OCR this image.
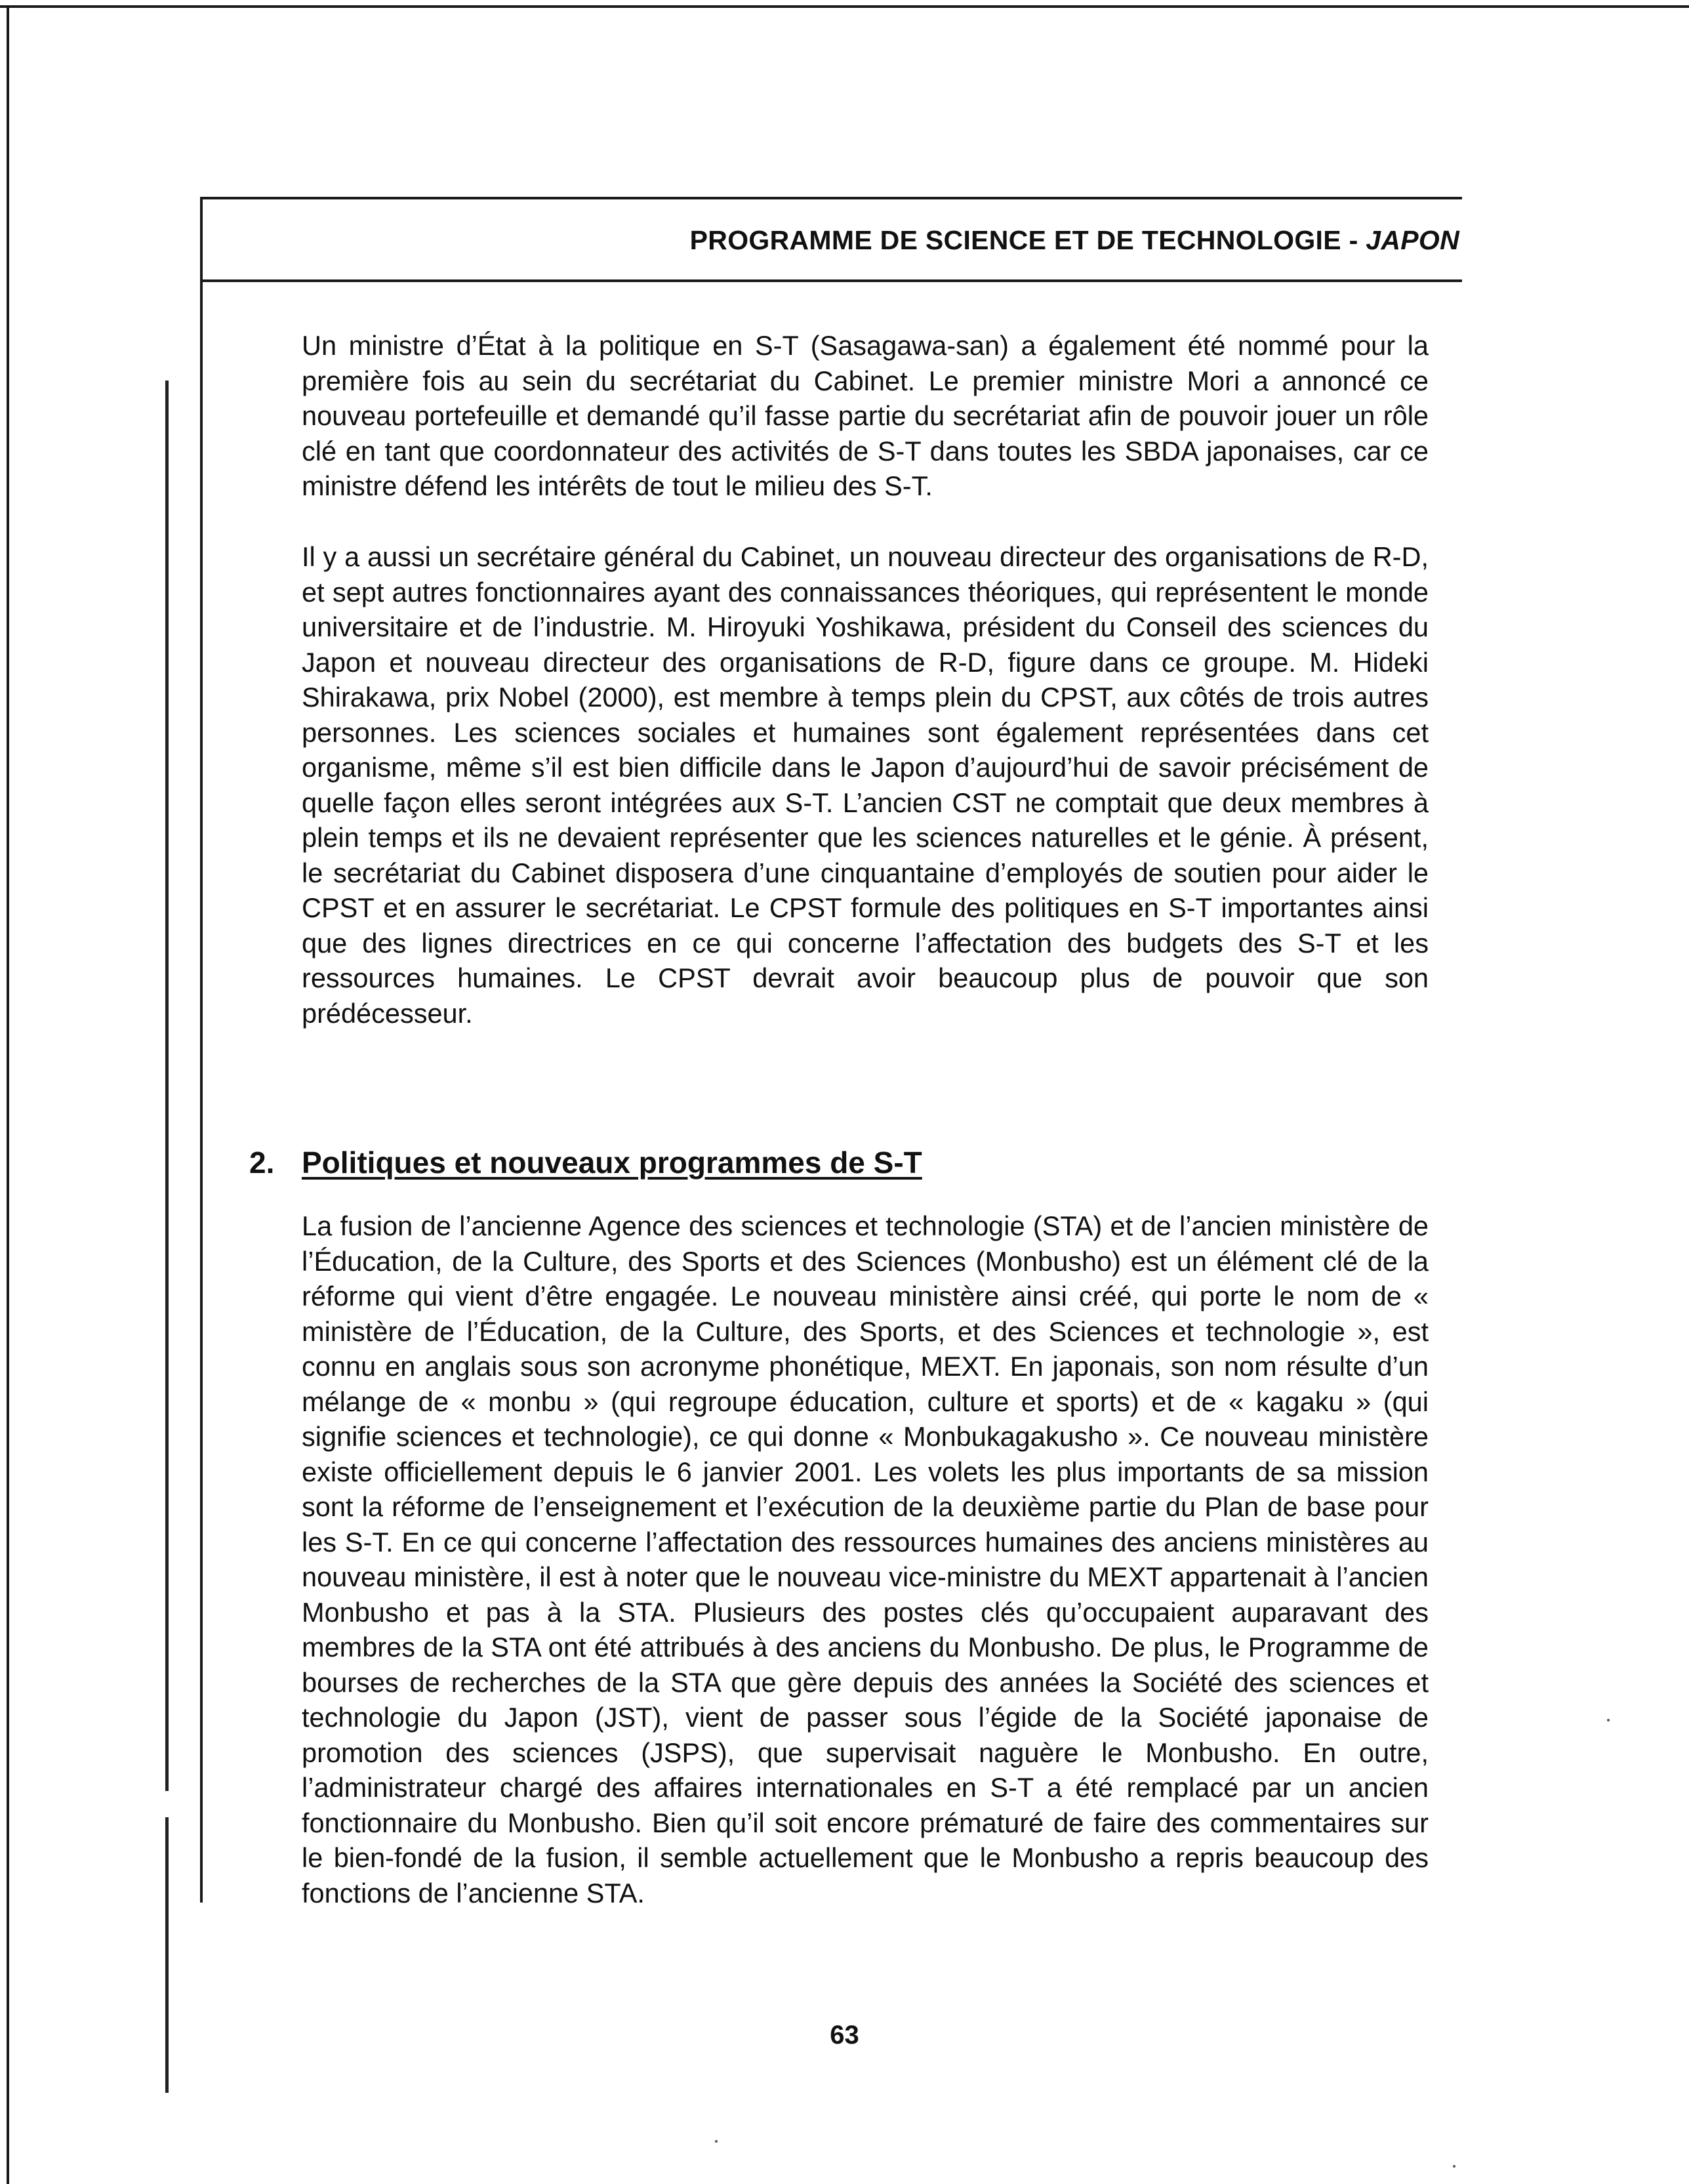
PROGRAMME DE SCIENCE ET DE TECHNOLOGIE - JAPON

Un ministre d’État à la politique en S-T (Sasagawa-san) a également été nommé pour la première fois au sein du secrétariat du Cabinet. Le premier ministre Mori a annoncé ce nouveau portefeuille et demandé qu’il fasse partie du secrétariat afin de pouvoir jouer un rôle clé en tant que coordonnateur des activités de S-T dans toutes les SBDA japonaises, car ce ministre défend les intérêts de tout le milieu des S-T.

Il y a aussi un secrétaire général du Cabinet, un nouveau directeur des organisations de R-D, et sept autres fonctionnaires ayant des connaissances théoriques, qui représentent le monde universitaire et de l’industrie. M. Hiroyuki Yoshikawa, président du Conseil des sciences du Japon et nouveau directeur des organisations de R-D, figure dans ce groupe. M. Hideki Shirakawa, prix Nobel (2000), est membre à temps plein du CPST, aux côtés de trois autres personnes. Les sciences sociales et humaines sont également représentées dans cet organisme, même s’il est bien difficile dans le Japon d’aujourd’hui de savoir précisément de quelle façon elles seront intégrées aux S-T. L’ancien CST ne comptait que deux membres à plein temps et ils ne devaient représenter que les sciences naturelles et le génie. À présent, le secrétariat du Cabinet disposera d’une cinquantaine d’employés de soutien pour aider le CPST et en assurer le secrétariat. Le CPST formule des politiques en S-T importantes ainsi que des lignes directrices en ce qui concerne l’affectation des budgets des S-T et les ressources humaines. Le CPST devrait avoir beaucoup plus de pouvoir que son prédécesseur.

2. Politiques et nouveaux programmes de S-T

La fusion de l’ancienne Agence des sciences et technologie (STA) et de l’ancien ministère de l’Éducation, de la Culture, des Sports et des Sciences (Monbusho) est un élément clé de la réforme qui vient d’être engagée. Le nouveau ministère ainsi créé, qui porte le nom de « ministère de l’Éducation, de la Culture, des Sports, et des Sciences et technologie », est connu en anglais sous son acronyme phonétique, MEXT. En japonais, son nom résulte d’un mélange de « monbu » (qui regroupe éducation, culture et sports) et de « kagaku » (qui signifie sciences et technologie), ce qui donne « Monbukagakusho ». Ce nouveau ministère existe officiellement depuis le 6 janvier 2001. Les volets les plus importants de sa mission sont la réforme de l’enseignement et l’exécution de la deuxième partie du Plan de base pour les S-T. En ce qui concerne l’affectation des ressources humaines des anciens ministères au nouveau ministère, il est à noter que le nouveau vice-ministre du MEXT appartenait à l’ancien Monbusho et pas à la STA. Plusieurs des postes clés qu’occupaient auparavant des membres de la STA ont été attribués à des anciens du Monbusho. De plus, le Programme de bourses de recherches de la STA que gère depuis des années la Société des sciences et technologie du Japon (JST), vient de passer sous l’égide de la Société japonaise de promotion des sciences (JSPS), que supervisait naguère le Monbusho. En outre, l’administrateur chargé des affaires internationales en S-T a été remplacé par un ancien fonctionnaire du Monbusho. Bien qu’il soit encore prématuré de faire des commentaires sur le bien-fondé de la fusion, il semble actuellement que le Monbusho a repris beaucoup des fonctions de l’ancienne STA.

63
